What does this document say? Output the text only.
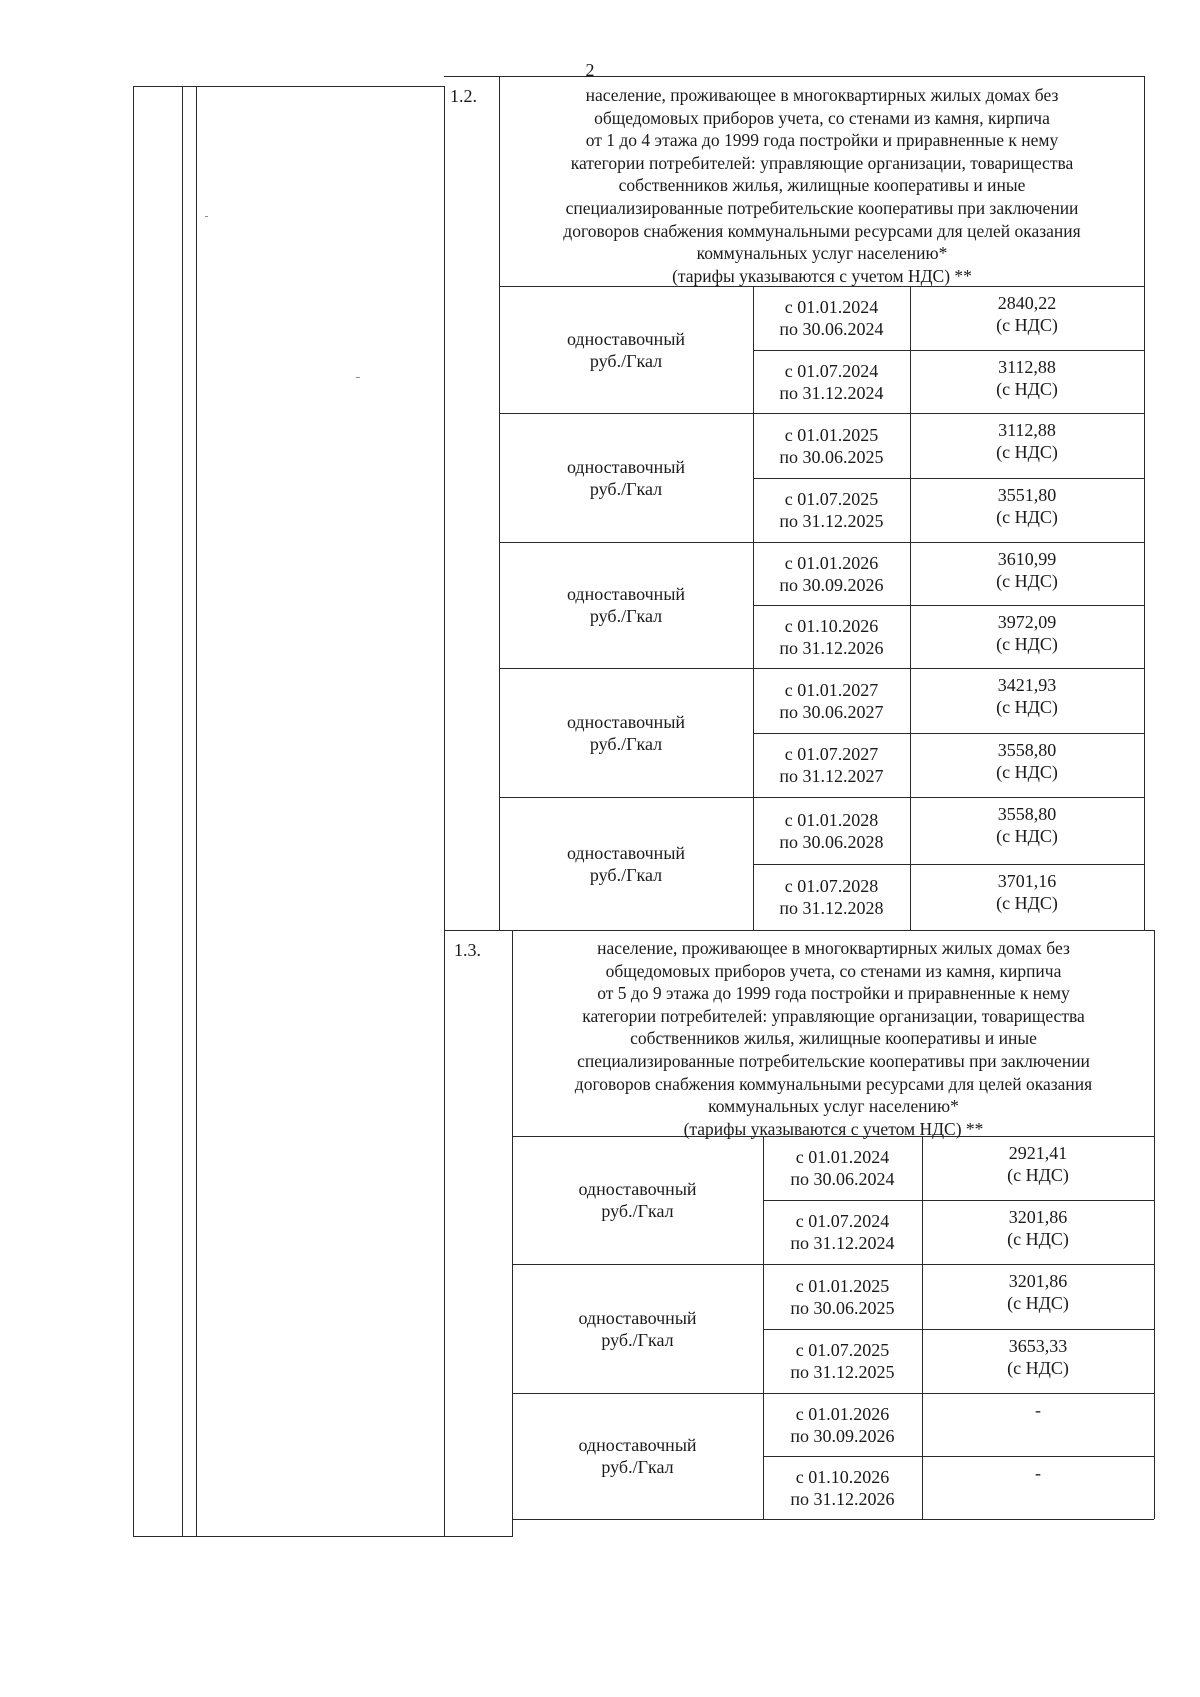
2
1.2.	население, проживающее в многоквартирных жилых домах без
общедомовых приборов учета, со стенами из камня, кирпича
от 1 до 4 этажа до 1999 года постройки и приравненные к нему
категории потребителей: управляющие организации, товарищества
собственников жилья, жилищные кооперативы и иные
специализированные потребительские кооперативы при заключении
договоров снабжения коммунальными ресурсами для целей оказания
коммунальных услуг населению*
(тарифы указываются с учетом НДС) **
одноставочный
руб./Гкал
с 01.01.2024
по 30.06.2024
2840,22
(с НДС)
с 01.07.2024
по 31.12.2024
3112,88
(с НДС)
одноставочный
руб./Гкал
с 01.01.2025
по 30.06.2025
3112,88
(с НДС)
с 01.07.2025
по 31.12.2025
3551,80
(с НДС)
одноставочный
руб./Гкал
с 01.01.2026
по 30.09.2026
3610,99
(с НДС)
с 01.10.2026
по 31.12.2026
3972,09
(с НДС)
одноставочный
руб./Гкал
с 01.01.2027
по 30.06.2027
3421,93
(с НДС)
с 01.07.2027
по 31.12.2027
3558,80
(с НДС)
одноставочный
руб./Гкал
с 01.01.2028
по 30.06.2028
3558,80
(с НДС)
с 01.07.2028
по 31.12.2028
3701,16
(с НДС)
1.3.	население, проживающее в многоквартирных жилых домах без
общедомовых приборов учета, со стенами из камня, кирпича
от 5 до 9 этажа до 1999 года постройки и приравненные к нему
категории потребителей: управляющие организации, товарищества
собственников жилья, жилищные кооперативы и иные
специализированные потребительские кооперативы при заключении
договоров снабжения коммунальными ресурсами для целей оказания
коммунальных услуг населению*
(тарифы указываются с учетом НДС) **
одноставочный
руб./Гкал
с 01.01.2024
по 30.06.2024
2921,41
(с НДС)
с 01.07.2024
по 31.12.2024
3201,86
(с НДС)
одноставочный
руб./Гкал
с 01.01.2025
по 30.06.2025
3201,86
(с НДС)
с 01.07.2025
по 31.12.2025
3653,33
(с НДС)
одноставочный
руб./Гкал
с 01.01.2026
по 30.09.2026
-
с 01.10.2026
по 31.12.2026
-
